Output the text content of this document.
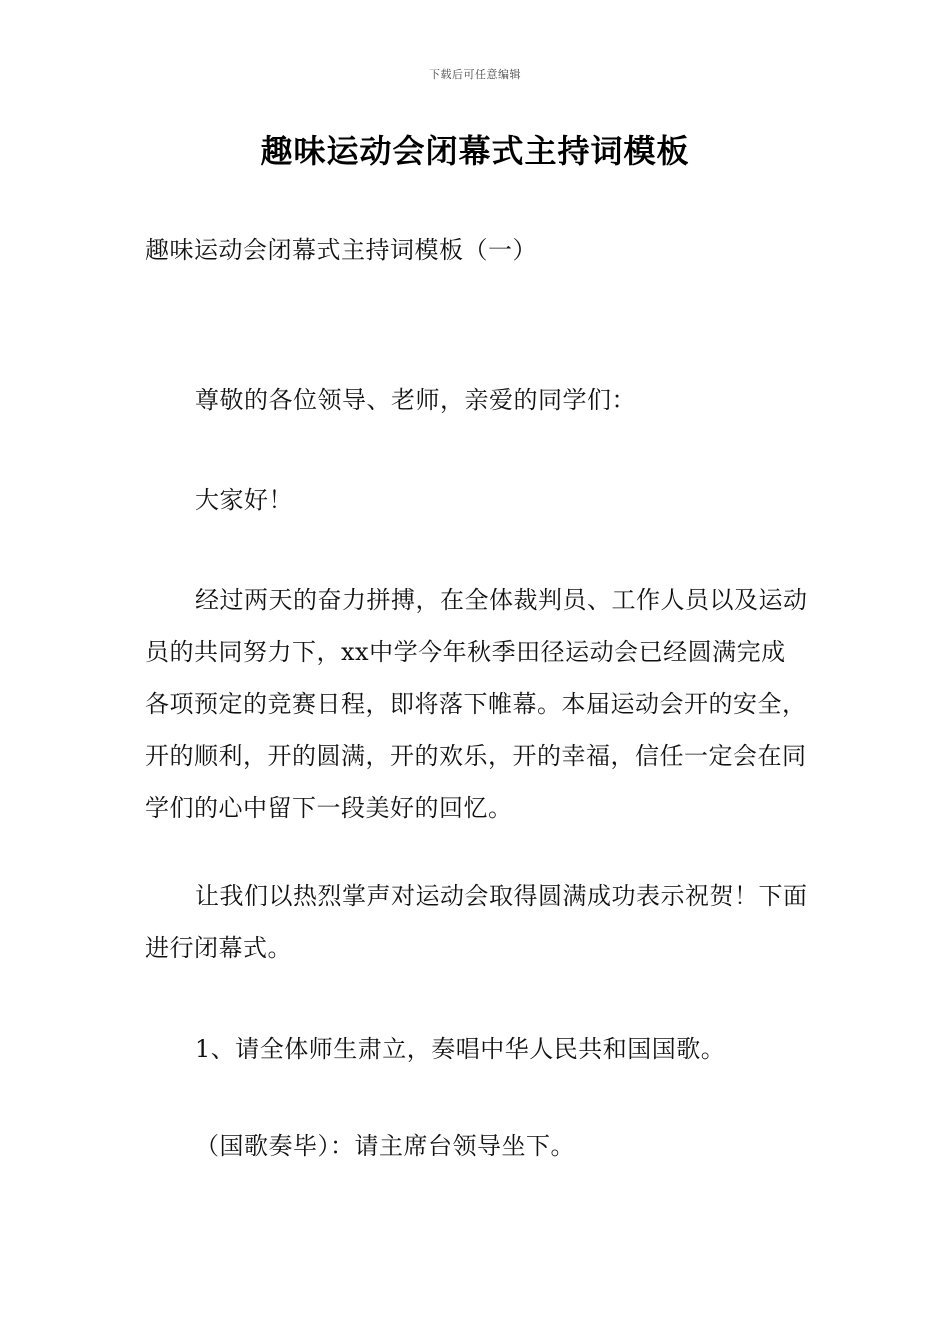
下载后可任意编辑
趣味运动会闭幕式主持词模板
趣味运动会闭幕式主持词模板（一）
尊敬的各位领导、老师，亲爱的同学们：
大家好！
经过两天的奋力拼搏，在全体裁判员、工作人员以及运动员的共同努力下，xx中学今年秋季田径运动会已经圆满完成各项预定的竞赛日程，即将落下帷幕。本届运动会开的安全，开的顺利，开的圆满，开的欢乐，开的幸福，信任一定会在同学们的心中留下一段美好的回忆。
让我们以热烈掌声对运动会取得圆满成功表示祝贺！下面进行闭幕式。
1、请全体师生肃立，奏唱中华人民共和国国歌。
（国歌奏毕）：请主席台领导坐下。
